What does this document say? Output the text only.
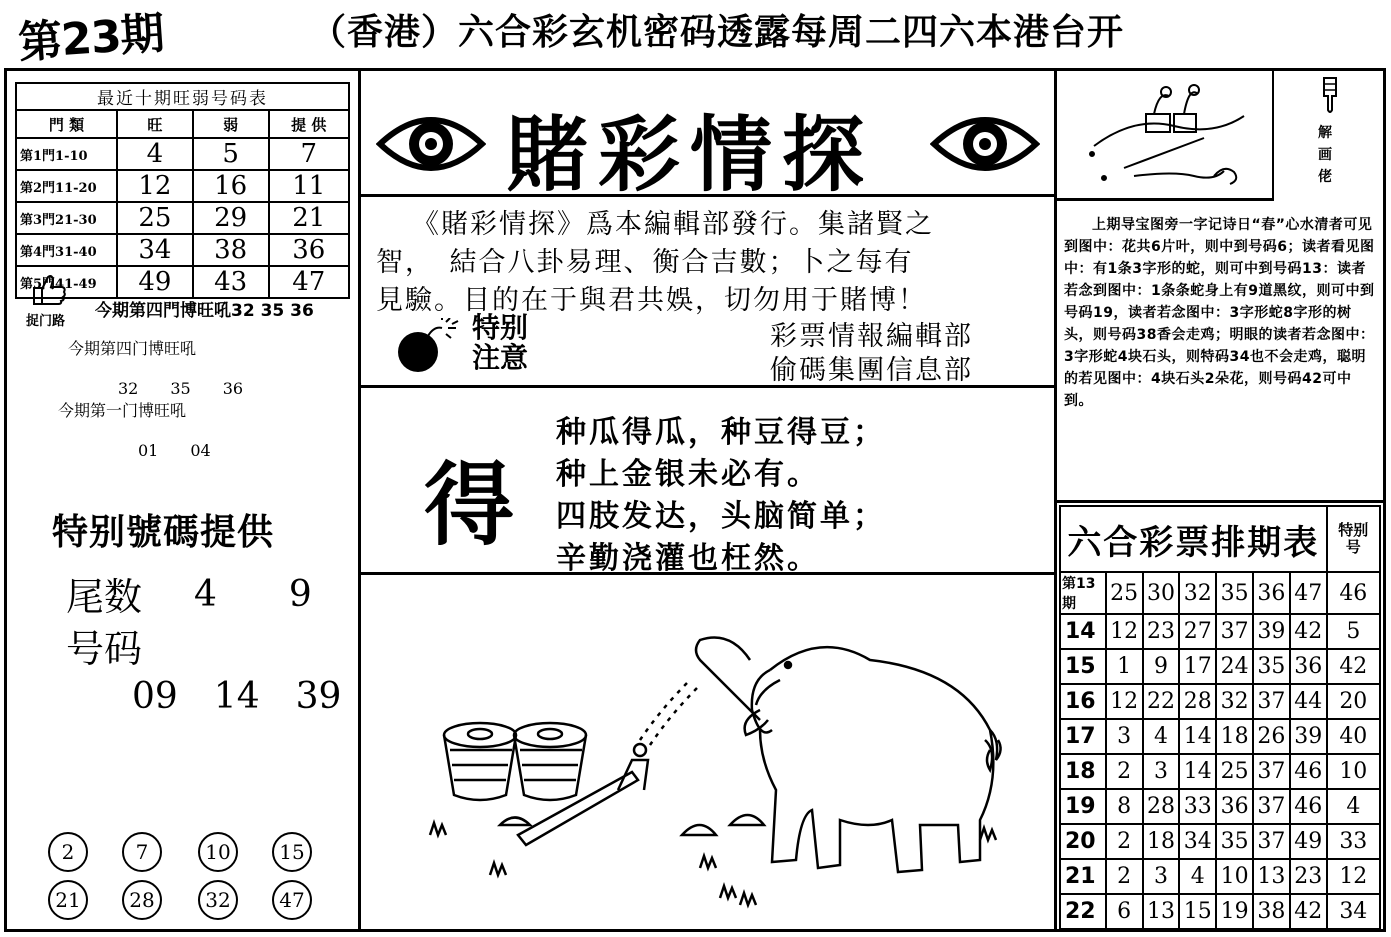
第23期	（香港）六合彩玄机密码透露每周二四六本港台开
最近十期旺弱号码表			
門 類	旺	弱	提 供
第1門1-10	4	5	7
第2門11-20	12	16	11
第3門21-30	25	29	21
第4門31-40	34	38	36
第5門41-49	49	43	47
捉门路
今期第四門博旺吼32 35 36
今期第四门博旺吼
32　　35　　36
今期第一门博旺吼
01　　04
特别號碼提供
尾数 4　　9
号码
09　14　39
2	7	10	15
21	28	32	47
賭彩情探
《賭彩情探》爲本編輯部發行。集諸賢之
智，　結合八卦易理、衡合吉數；卜之每有
見驗。目的在于與君共娛，切勿用于賭博！
特别
注意
彩票情報編輯部
偷碼集團信息部
得
种瓜得瓜，种豆得豆；
种上金银未必有。
四肢发达，头脑简单；
辛勤浇灌也枉然。
解画佬
上期导宝图旁一字记诗日“春”心水清者可见到图中：花共6片叶，则中到号码6；读者看见图中：有1条3字形的蛇，则可中到号码13：读者若念到图中：1条条蛇身上有9道黑纹，则可中到号码19，读者若念图中：3字形蛇8字形的树头，则号码38香会走鸡；明眼的读者若念图中：3字形蛇4块石头，则特码34也不会走鸡，聪明的若见图中：4块石头2朵花，则号码42可中到。
六合彩票排期表							特别号
第13期	25	30	32	35	36	47	46
14	12	23	27	37	39	42	5
15	1	9	17	24	35	36	42
16	12	22	28	32	37	44	20
17	3	4	14	18	26	39	40
18	2	3	14	25	37	46	10
19	8	28	33	36	37	46	4
20	2	18	34	35	37	49	33
21	2	3	4	10	13	23	12
22	6	13	15	19	38	42	34
